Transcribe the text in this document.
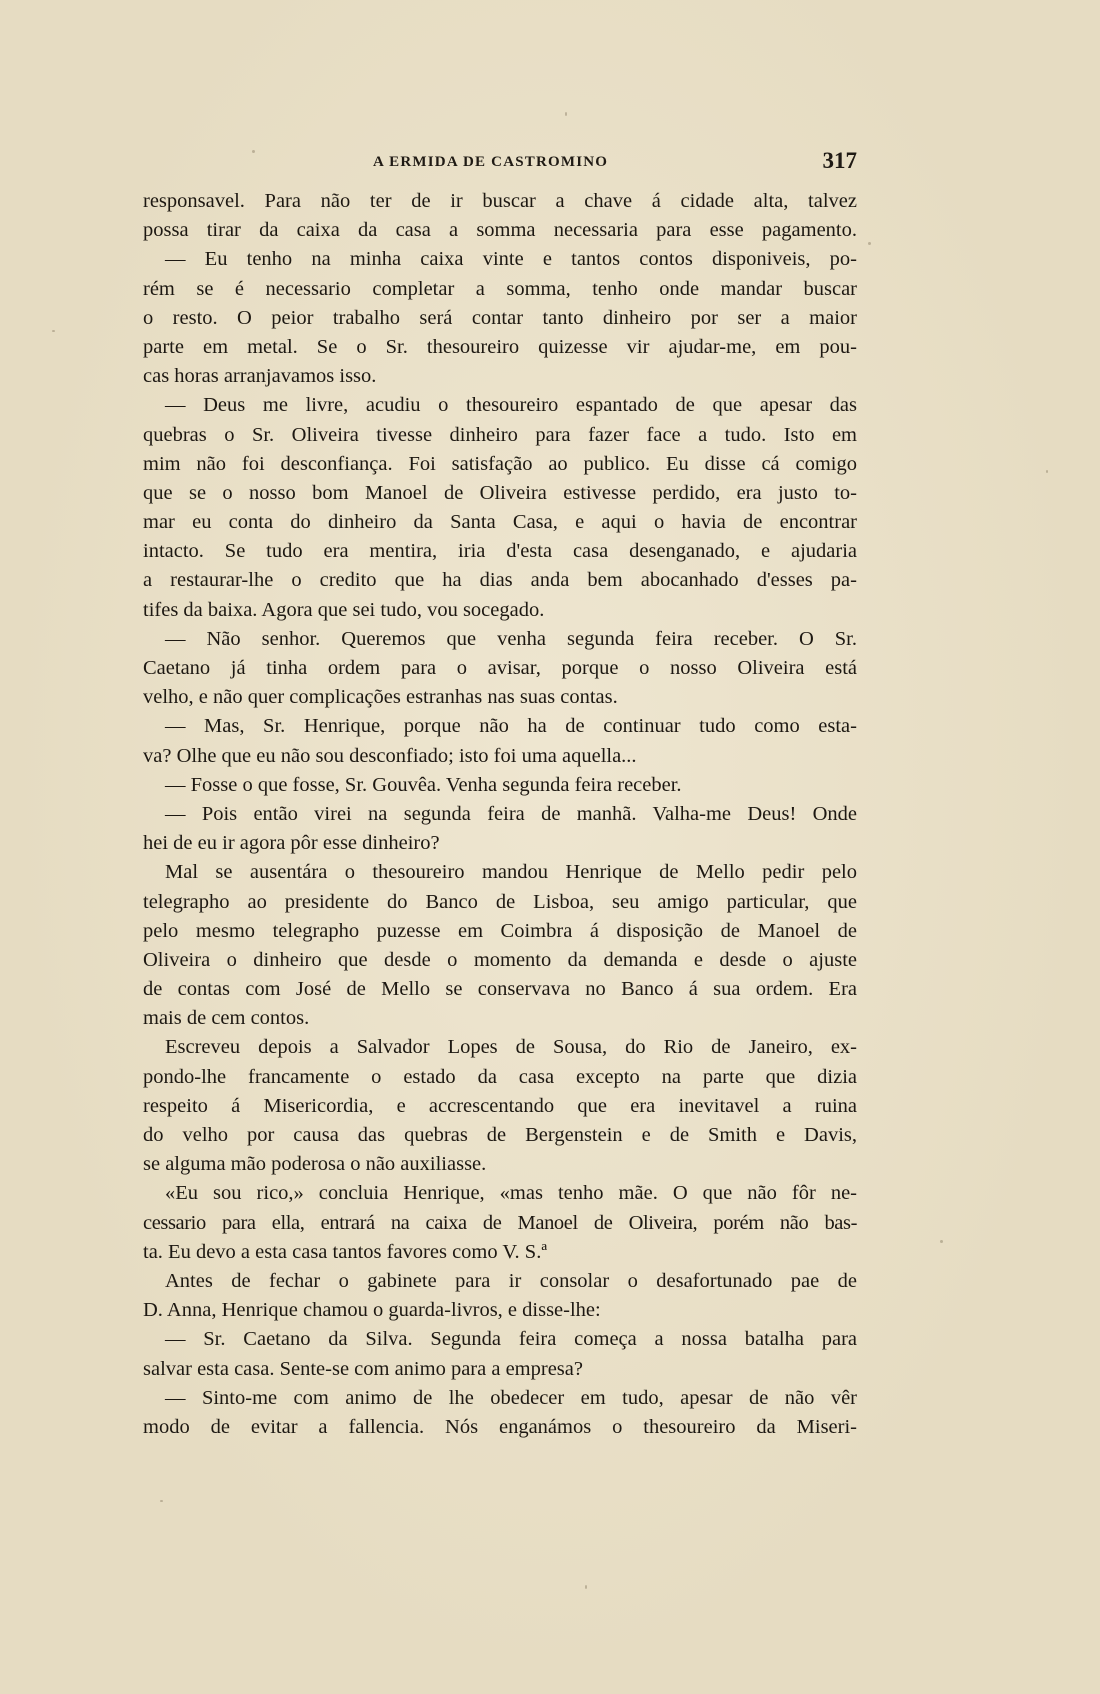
A ERMIDA DE CASTROMINO	317
responsavel. Para não ter de ir buscar a chave á cidade alta, talvez
possa tirar da caixa da casa a somma necessaria para esse pagamento.
— Eu tenho na minha caixa vinte e tantos contos disponiveis, po-
rém se é necessario completar a somma, tenho onde mandar buscar
o resto. O peior trabalho será contar tanto dinheiro por ser a maior
parte em metal. Se o Sr. thesoureiro quizesse vir ajudar-me, em pou-
cas horas arranjavamos isso.
— Deus me livre, acudiu o thesoureiro espantado de que apesar das
quebras o Sr. Oliveira tivesse dinheiro para fazer face a tudo. Isto em
mim não foi desconfiança. Foi satisfação ao publico. Eu disse cá comigo
que se o nosso bom Manoel de Oliveira estivesse perdido, era justo to-
mar eu conta do dinheiro da Santa Casa, e aqui o havia de encontrar
intacto. Se tudo era mentira, iria d'esta casa desenganado, e ajudaria
a restaurar-lhe o credito que ha dias anda bem abocanhado d'esses pa-
tifes da baixa. Agora que sei tudo, vou socegado.
— Não senhor. Queremos que venha segunda feira receber. O Sr.
Caetano já tinha ordem para o avisar, porque o nosso Oliveira está
velho, e não quer complicações estranhas nas suas contas.
— Mas, Sr. Henrique, porque não ha de continuar tudo como esta-
va? Olhe que eu não sou desconfiado; isto foi uma aquella...
— Fosse o que fosse, Sr. Gouvêa. Venha segunda feira receber.
— Pois então virei na segunda feira de manhã. Valha-me Deus! Onde
hei de eu ir agora pôr esse dinheiro?
Mal se ausentára o thesoureiro mandou Henrique de Mello pedir pelo
telegrapho ao presidente do Banco de Lisboa, seu amigo particular, que
pelo mesmo telegrapho puzesse em Coimbra á disposição de Manoel de
Oliveira o dinheiro que desde o momento da demanda e desde o ajuste
de contas com José de Mello se conservava no Banco á sua ordem. Era
mais de cem contos.
Escreveu depois a Salvador Lopes de Sousa, do Rio de Janeiro, ex-
pondo-lhe francamente o estado da casa excepto na parte que dizia
respeito á Misericordia, e accrescentando que era inevitavel a ruina
do velho por causa das quebras de Bergenstein e de Smith e Davis,
se alguma mão poderosa o não auxiliasse.
«Eu sou rico,» concluia Henrique, «mas tenho mãe. O que não fôr ne-
cessario para ella, entrará na caixa de Manoel de Oliveira, porém não bas-
ta. Eu devo a esta casa tantos favores como V. S.ª
Antes de fechar o gabinete para ir consolar o desafortunado pae de
D. Anna, Henrique chamou o guarda-livros, e disse-lhe:
— Sr. Caetano da Silva. Segunda feira começa a nossa batalha para
salvar esta casa. Sente-se com animo para a empresa?
— Sinto-me com animo de lhe obedecer em tudo, apesar de não vêr
modo de evitar a fallencia. Nós enganámos o thesoureiro da Miseri-
